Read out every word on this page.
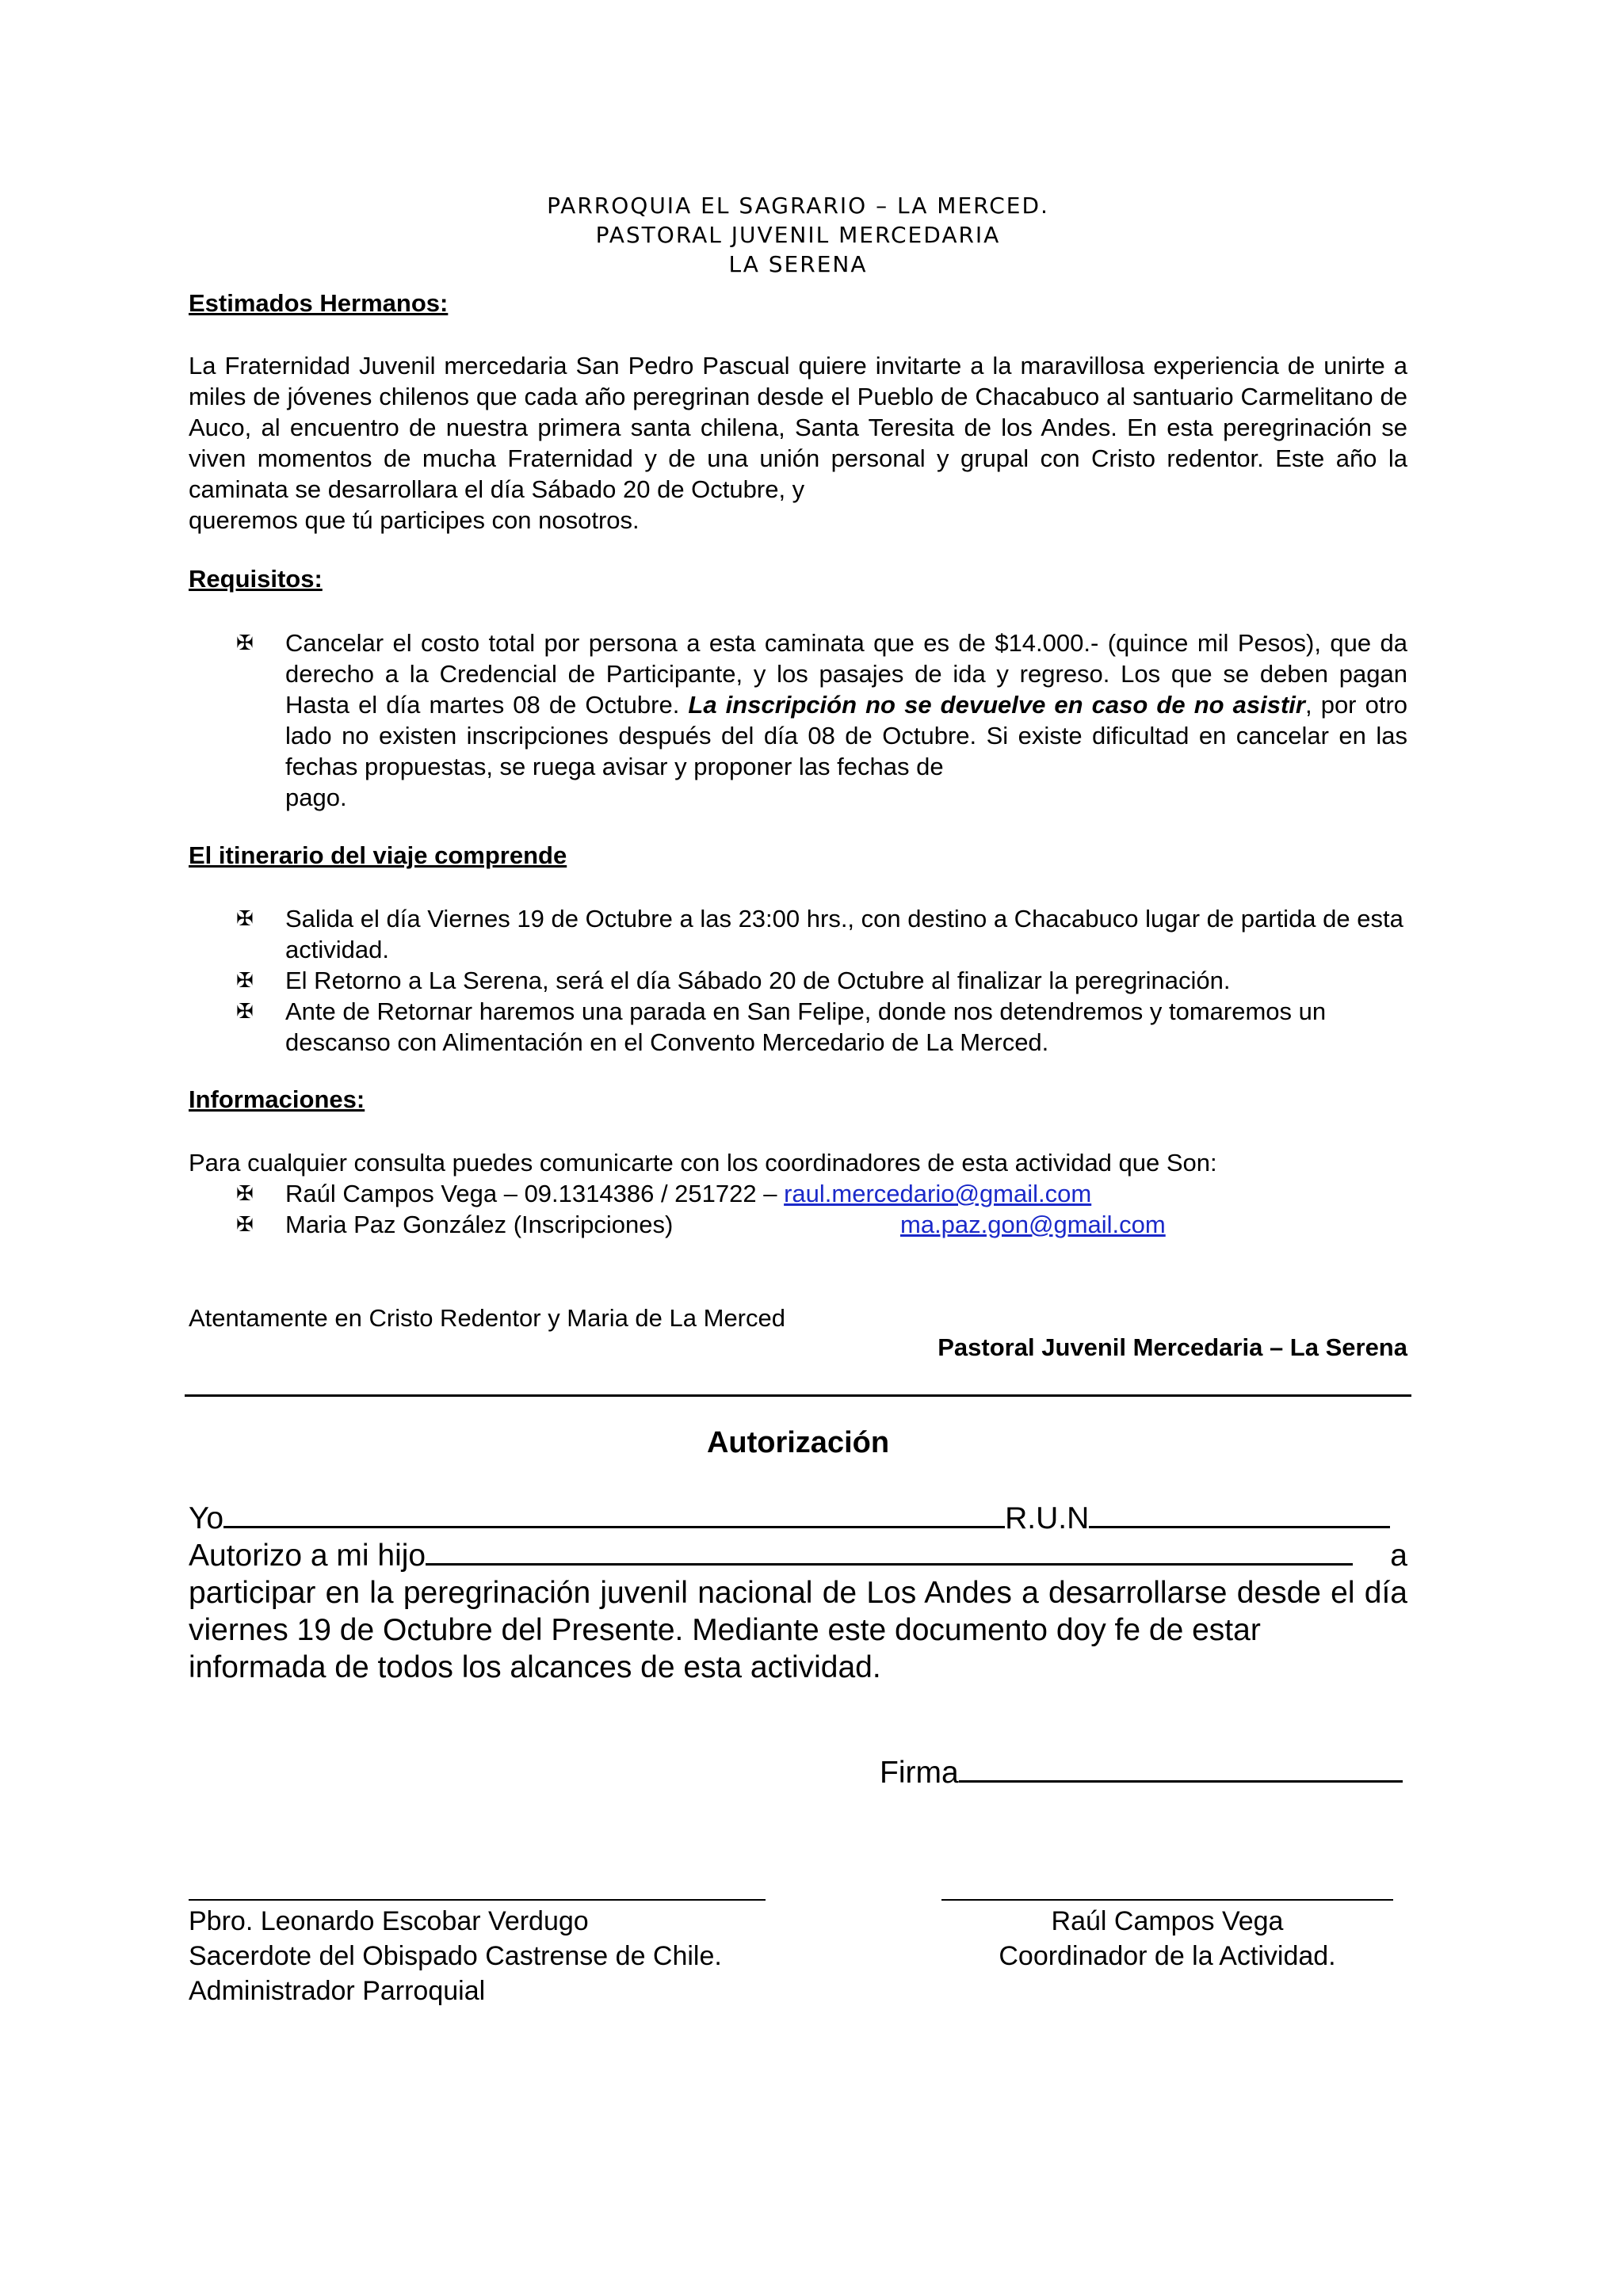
PARROQUIA EL SAGRARIO – LA MERCED.
PASTORAL JUVENIL MERCEDARIA
LA SERENA
Estimados Hermanos:

La Fraternidad Juvenil mercedaria San Pedro Pascual quiere invitarte a la maravillosa experiencia de unirte a miles de jóvenes chilenos que cada año peregrinan desde el Pueblo de Chacabuco al santuario Carmelitano de Auco, al encuentro de nuestra primera santa chilena, Santa Teresita de los Andes. En esta peregrinación se viven momentos de mucha Fraternidad y de una unión personal y grupal con Cristo redentor. Este año la caminata se desarrollara el día Sábado 20 de Octubre, y
queremos que tú participes con nosotros.

Requisitos:
✠ Cancelar el costo total por persona a esta caminata que es de $14.000.- (quince mil Pesos), que da derecho a la Credencial de Participante, y los pasajes de ida y regreso. Los que se deben pagan Hasta el día martes 08 de Octubre. La inscripción no se devuelve en caso de no asistir, por otro lado no existen inscripciones después del día 08 de Octubre. Si existe dificultad en cancelar en las fechas propuestas, se ruega avisar y proponer las fechas de

pago.

El itinerario del viaje comprende
✠ Salida el día Viernes 19 de Octubre a las 23:00 hrs., con destino a Chacabuco lugar de partida de esta actividad.
✠ El Retorno a La Serena, será el día Sábado 20 de Octubre al finalizar la peregrinación.
✠ Ante de Retornar haremos una parada en San Felipe, donde nos detendremos y tomaremos un descanso con Alimentación en el Convento Mercedario de La Merced.
Informaciones:
Para cualquier consulta puedes comunicarte con los coordinadores de esta actividad que Son:
✠ Raúl Campos Vega – 09.1314386 / 251722 – raul.mercedario@gmail.com
✠ Maria Paz González (Inscripciones)	ma.paz.gon@gmail.com
Atentamente en Cristo Redentor y Maria de La Merced
Pastoral Juvenil Mercedaria – La Serena
Autorización
Yo	R.U.N
Autorizo a mi hijo	a
participar en la peregrinación juvenil nacional de Los Andes a desarrollarse desde el día viernes 19 de Octubre del Presente. Mediante este documento doy fe de estar
informada de todos los alcances de esta actividad.
Firma
Pbro. Leonardo Escobar Verdugo
Sacerdote del Obispado Castrense de Chile.
Administrador Parroquial
Raúl Campos Vega
Coordinador de la Actividad.
